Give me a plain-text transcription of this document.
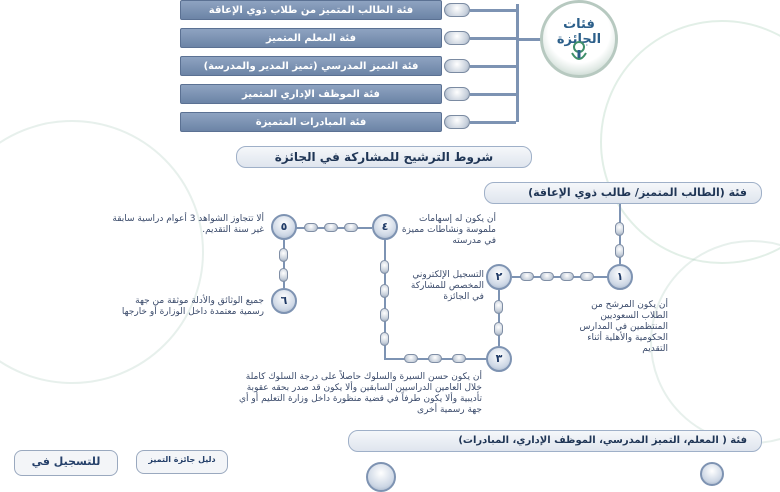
فئة الطالب المتميز من طلاب ذوي الإعاقة
فئة المعلم المتميز
فئة التميز المدرسي (تميز المدير والمدرسة)
فئة الموظف الإداري المتميز
فئة المبادرات المتميزة
فئات الجائزة
شروط الترشيح للمشاركة في الجائزة
فئة (الطالب المتميز/ طالب ذوي الإعاقة)
١
٢
٣
٤
٥
٦	أن يكون المرشح من الطلاب السعوديين المنتظمين في المدارس الحكومية والأهلية أثناء التقديم
التسجيل الإلكتروني المخصص للمشاركة في الجائزة
أن يكون حسن السيرة والسلوك حاصلاً على درجة السلوك كاملة خلال العامين الدراسيين السابقين وألا يكون قد صدر بحقه عقوبة تأديبية وألا يكون طرفاً في قضية منظورة داخل وزارة التعليم أو أي جهة رسمية أخرى
أن يكون له إسهامات ملموسة ونشاطات مميزة في مدرسته
ألا تتجاوز الشواهد 3 أعوام دراسية سابقة غير سنة التقديم.
جميع الوثائق والأدلة موثقة من جهة رسمية معتمدة داخل الوزارة أو خارجها
فئة ( المعلم، التميز المدرسي، الموظف الإداري، المبادرات)
دليل جائزة التميز
للتسجيل في
